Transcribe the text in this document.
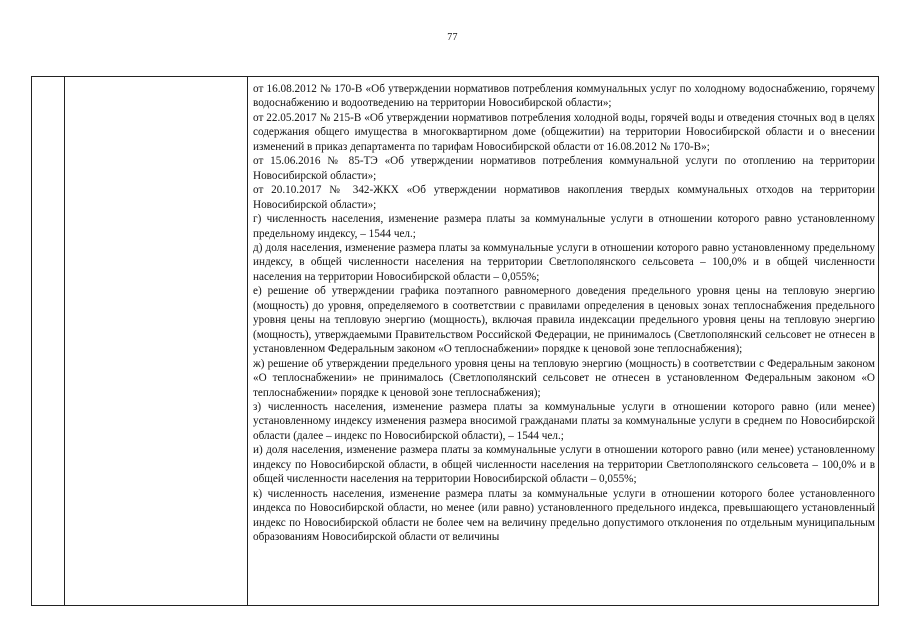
77

от 16.08.2012 № 170-В «Об утверждении нормативов потребления коммунальных услуг по холодному водоснабжению, горячему водоснабжению и водоотведению на территории Новосибирской области»;

от 22.05.2017 № 215-В «Об утверждении нормативов потребления холодной воды, горячей воды и отведения сточных вод в целях содержания общего имущества в многоквартирном доме (общежитии) на территории Новосибирской области и о внесении изменений в приказ департамента по тарифам Новосибирской области от 16.08.2012 № 170-В»;

от 15.06.2016 № 85-ТЭ «Об утверждении нормативов потребления коммунальной услуги по отоплению на территории Новосибирской области»;

от 20.10.2017 № 342-ЖКХ «Об утверждении нормативов накопления твердых коммунальных отходов на территории Новосибирской области»;

г) численность населения, изменение размера платы за коммунальные услуги в отношении которого равно установленному предельному индексу, – 1544 чел.;

д) доля населения, изменение размера платы за коммунальные услуги в отношении которого равно установленному предельному индексу, в общей численности населения на территории Светлополянского сельсовета – 100,0% и в общей численности населения на территории Новосибирской области – 0,055%;

е) решение об утверждении графика поэтапного равномерного доведения предельного уровня цены на тепловую энергию (мощность) до уровня, определяемого в соответствии с правилами определения в ценовых зонах теплоснабжения предельного уровня цены на тепловую энергию (мощность), включая правила индексации предельного уровня цены на тепловую энергию (мощность), утверждаемыми Правительством Российской Федерации, не принималось (Светлополянский сельсовет не отнесен в установленном Федеральным законом «О теплоснабжении» порядке к ценовой зоне теплоснабжения);

ж) решение об утверждении предельного уровня цены на тепловую энергию (мощность) в соответствии с Федеральным законом «О теплоснабжении» не принималось (Светлополянский сельсовет не отнесен в установленном Федеральным законом «О теплоснабжении» порядке к ценовой зоне теплоснабжения);

з) численность населения, изменение размера платы за коммунальные услуги в отношении которого равно (или менее) установленному индексу изменения размера вносимой гражданами платы за коммунальные услуги в среднем по Новосибирской области (далее – индекс по Новосибирской области), – 1544 чел.;

и) доля населения, изменение размера платы за коммунальные услуги в отношении которого равно (или менее) установленному индексу по Новосибирской области, в общей численности населения на территории Светлополянского сельсовета – 100,0% и в общей численности населения на территории Новосибирской области – 0,055%;

к) численность населения, изменение размера платы за коммунальные услуги в отношении которого более установленного индекса по Новосибирской области, но менее (или равно) установленного предельного индекса, превышающего установленный индекс по Новосибирской области не более чем на величину предельно допустимого отклонения по отдельным муниципальным образованиям Новосибирской области от величины
